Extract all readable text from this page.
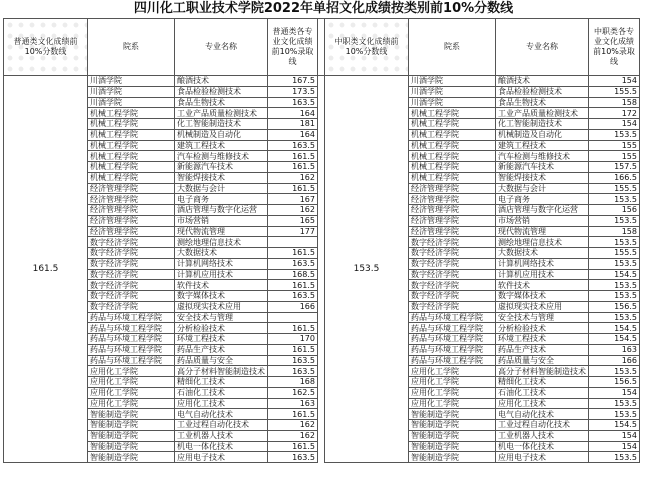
四川化工职业技术学院2022年单招文化成绩按类别前10%分数线
普通类文化成绩前10%分数线	院系	专业名称	普通类各专业文化成绩前10%录取线		中职类文化成绩前10%分数线	院系	专业名称	中职类各专业文化成绩前10%录取线
161.5	川酒学院	酿酒技术	167.5		153.5	川酒学院	酿酒技术	154
	川酒学院	食品检验检测技术	173.5			川酒学院	食品检验检测技术	155.5
	川酒学院	食品生物技术	163.5			川酒学院	食品生物技术	158
	机械工程学院	工业产品质量检测技术	164			机械工程学院	工业产品质量检测技术	172
	机械工程学院	化工智能制造技术	181			机械工程学院	化工智能制造技术	154
	机械工程学院	机械制造及自动化	164			机械工程学院	机械制造及自动化	153.5
	机械工程学院	建筑工程技术	163.5			机械工程学院	建筑工程技术	155
	机械工程学院	汽车检测与维修技术	161.5			机械工程学院	汽车检测与维修技术	155
	机械工程学院	新能源汽车技术	161.5			机械工程学院	新能源汽车技术	157.5
	机械工程学院	智能焊接技术	162			机械工程学院	智能焊接技术	166.5
	经济管理学院	大数据与会计	161.5			经济管理学院	大数据与会计	155.5
	经济管理学院	电子商务	167			经济管理学院	电子商务	153.5
	经济管理学院	酒店管理与数字化运营	162			经济管理学院	酒店管理与数字化运营	156
	经济管理学院	市场营销	165			经济管理学院	市场营销	153.5
	经济管理学院	现代物流管理	177			经济管理学院	现代物流管理	158
	数字经济学院	测绘地理信息技术				数字经济学院	测绘地理信息技术	153.5
	数字经济学院	大数据技术	161.5			数字经济学院	大数据技术	155.5
	数字经济学院	计算机网络技术	163.5			数字经济学院	计算机网络技术	153.5
	数字经济学院	计算机应用技术	168.5			数字经济学院	计算机应用技术	154.5
	数字经济学院	软件技术	161.5			数字经济学院	软件技术	153.5
	数字经济学院	数字媒体技术	163.5			数字经济学院	数字媒体技术	153.5
	数字经济学院	虚拟现实技术应用	166			数字经济学院	虚拟现实技术应用	156.5
	药品与环境工程学院	安全技术与管理				药品与环境工程学院	安全技术与管理	153.5
	药品与环境工程学院	分析检验技术	161.5			药品与环境工程学院	分析检验技术	154.5
	药品与环境工程学院	环境工程技术	170			药品与环境工程学院	环境工程技术	154.5
	药品与环境工程学院	药品生产技术	161.5			药品与环境工程学院	药品生产技术	163
	药品与环境工程学院	药品质量与安全	163.5			药品与环境工程学院	药品质量与安全	166
	应用化工学院	高分子材料智能制造技术	163.5			应用化工学院	高分子材料智能制造技术	153.5
	应用化工学院	精细化工技术	168			应用化工学院	精细化工技术	156.5
	应用化工学院	石油化工技术	162.5			应用化工学院	石油化工技术	154
	应用化工学院	应用化工技术	163			应用化工学院	应用化工技术	153.5
	智能制造学院	电气自动化技术	161.5			智能制造学院	电气自动化技术	153.5
	智能制造学院	工业过程自动化技术	162			智能制造学院	工业过程自动化技术	154.5
	智能制造学院	工业机器人技术	162			智能制造学院	工业机器人技术	154
	智能制造学院	机电一体化技术	161.5			智能制造学院	机电一体化技术	154
	智能制造学院	应用电子技术	163.5			智能制造学院	应用电子技术	153.5
